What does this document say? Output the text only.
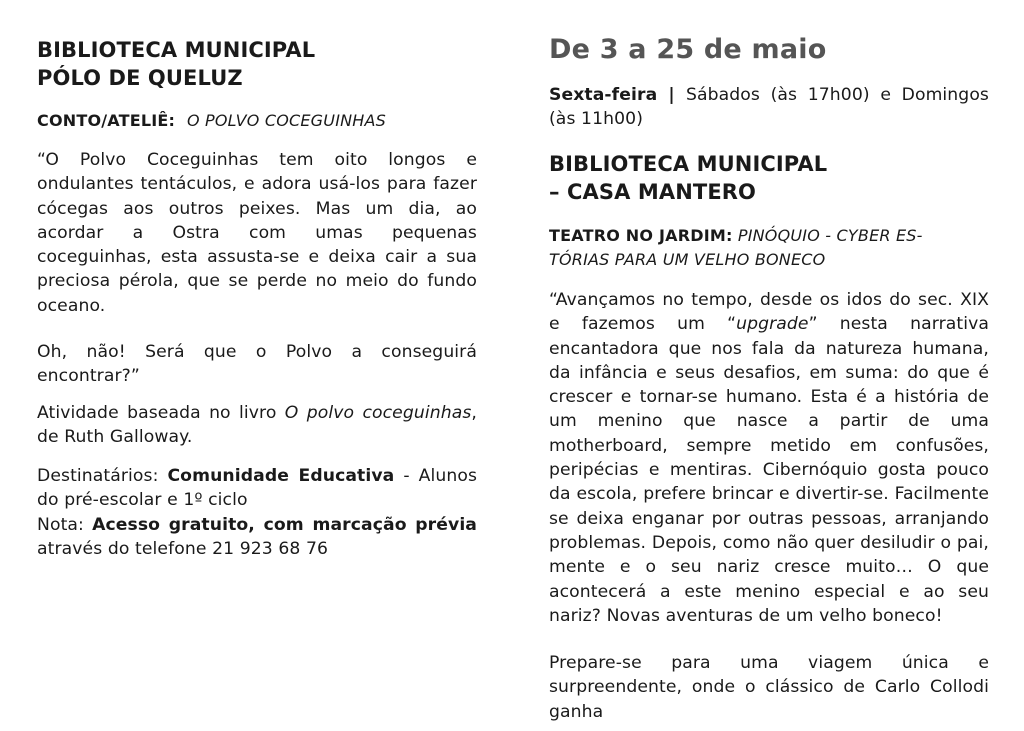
BIBLIOTECA MUNICIPAL
PÓLO DE QUELUZ
CONTO/ATELIÊ: O POLVO COCEGUINHAS

“O Polvo Coceguinhas tem oito longos e ondulantes tentáculos, e adora usá-los para fazer cócegas aos outros peixes. Mas um dia, ao acordar a Ostra com umas pequenas coceguinhas, esta assusta-se e deixa cair a sua preciosa pérola, que se perde no meio do fundo oceano.

Oh, não! Será que o Polvo a conseguirá encontrar?”

Atividade baseada no livro O polvo coceguinhas, de Ruth Galloway.

Destinatários: Comunidade Educativa - Alunos do pré-escolar e 1º ciclo
Nota: Acesso gratuito, com marcação prévia através do telefone 21 923 68 76
De 3 a 25 de maio
Sexta-feira | Sábados (às 17h00) e Domingos (às 11h00)
BIBLIOTECA MUNICIPAL
– CASA MANTERO
TEATRO NO JARDIM: PINÓQUIO - CYBER ES-
TÓRIAS PARA UM VELHO BONECO

“Avançamos no tempo, desde os idos do sec. XIX e fazemos um “upgrade” nesta narrativa encantadora que nos fala da natureza humana, da infância e seus desafios, em suma: do que é crescer e tornar-se humano. Esta é a história de um menino que nasce a partir de uma motherboard, sempre metido em confusões, peripécias e mentiras. Cibernóquio gosta pouco da escola, prefere brincar e divertir-se. Facilmente se deixa enganar por outras pessoas, arranjando problemas. Depois, como não quer desiludir o pai, mente e o seu nariz cresce muito… O que acontecerá a este menino especial e ao seu nariz? Novas aventuras de um velho boneco!

Prepare-se para uma viagem única e surpreendente, onde o clássico de Carlo Collodi ganha
